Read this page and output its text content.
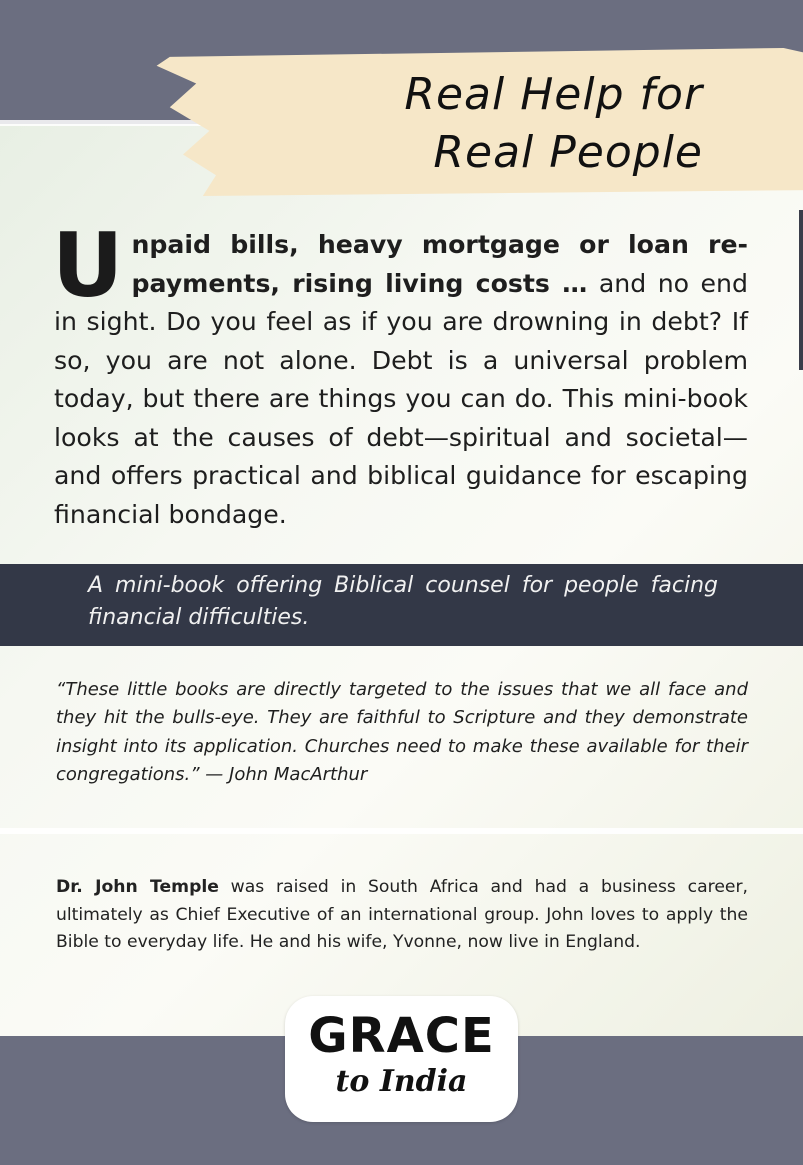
Real Help for
Real People

Unpaid bills, heavy mortgage or loan re-payments, rising living costs … and no end in sight. Do you feel as if you are drowning in debt? If so, you are not alone. Debt is a universal problem today, but there are things you can do. This mini-book looks at the causes of debt—spiritual and societal—and offers practical and biblical guidance for escaping financial bondage.

A mini-book offering Biblical counsel for people facing financial difficulties.

“These little books are directly targeted to the issues that we all face and they hit the bulls-eye. They are faithful to Scripture and they demonstrate insight into its application. Churches need to make these available for their congregations.” — John MacArthur

Dr. John Temple was raised in South Africa and had a business career, ultimately as Chief Executive of an international group. John loves to apply the Bible to everyday life. He and his wife, Yvonne, now live in England.

GRACE
to India
